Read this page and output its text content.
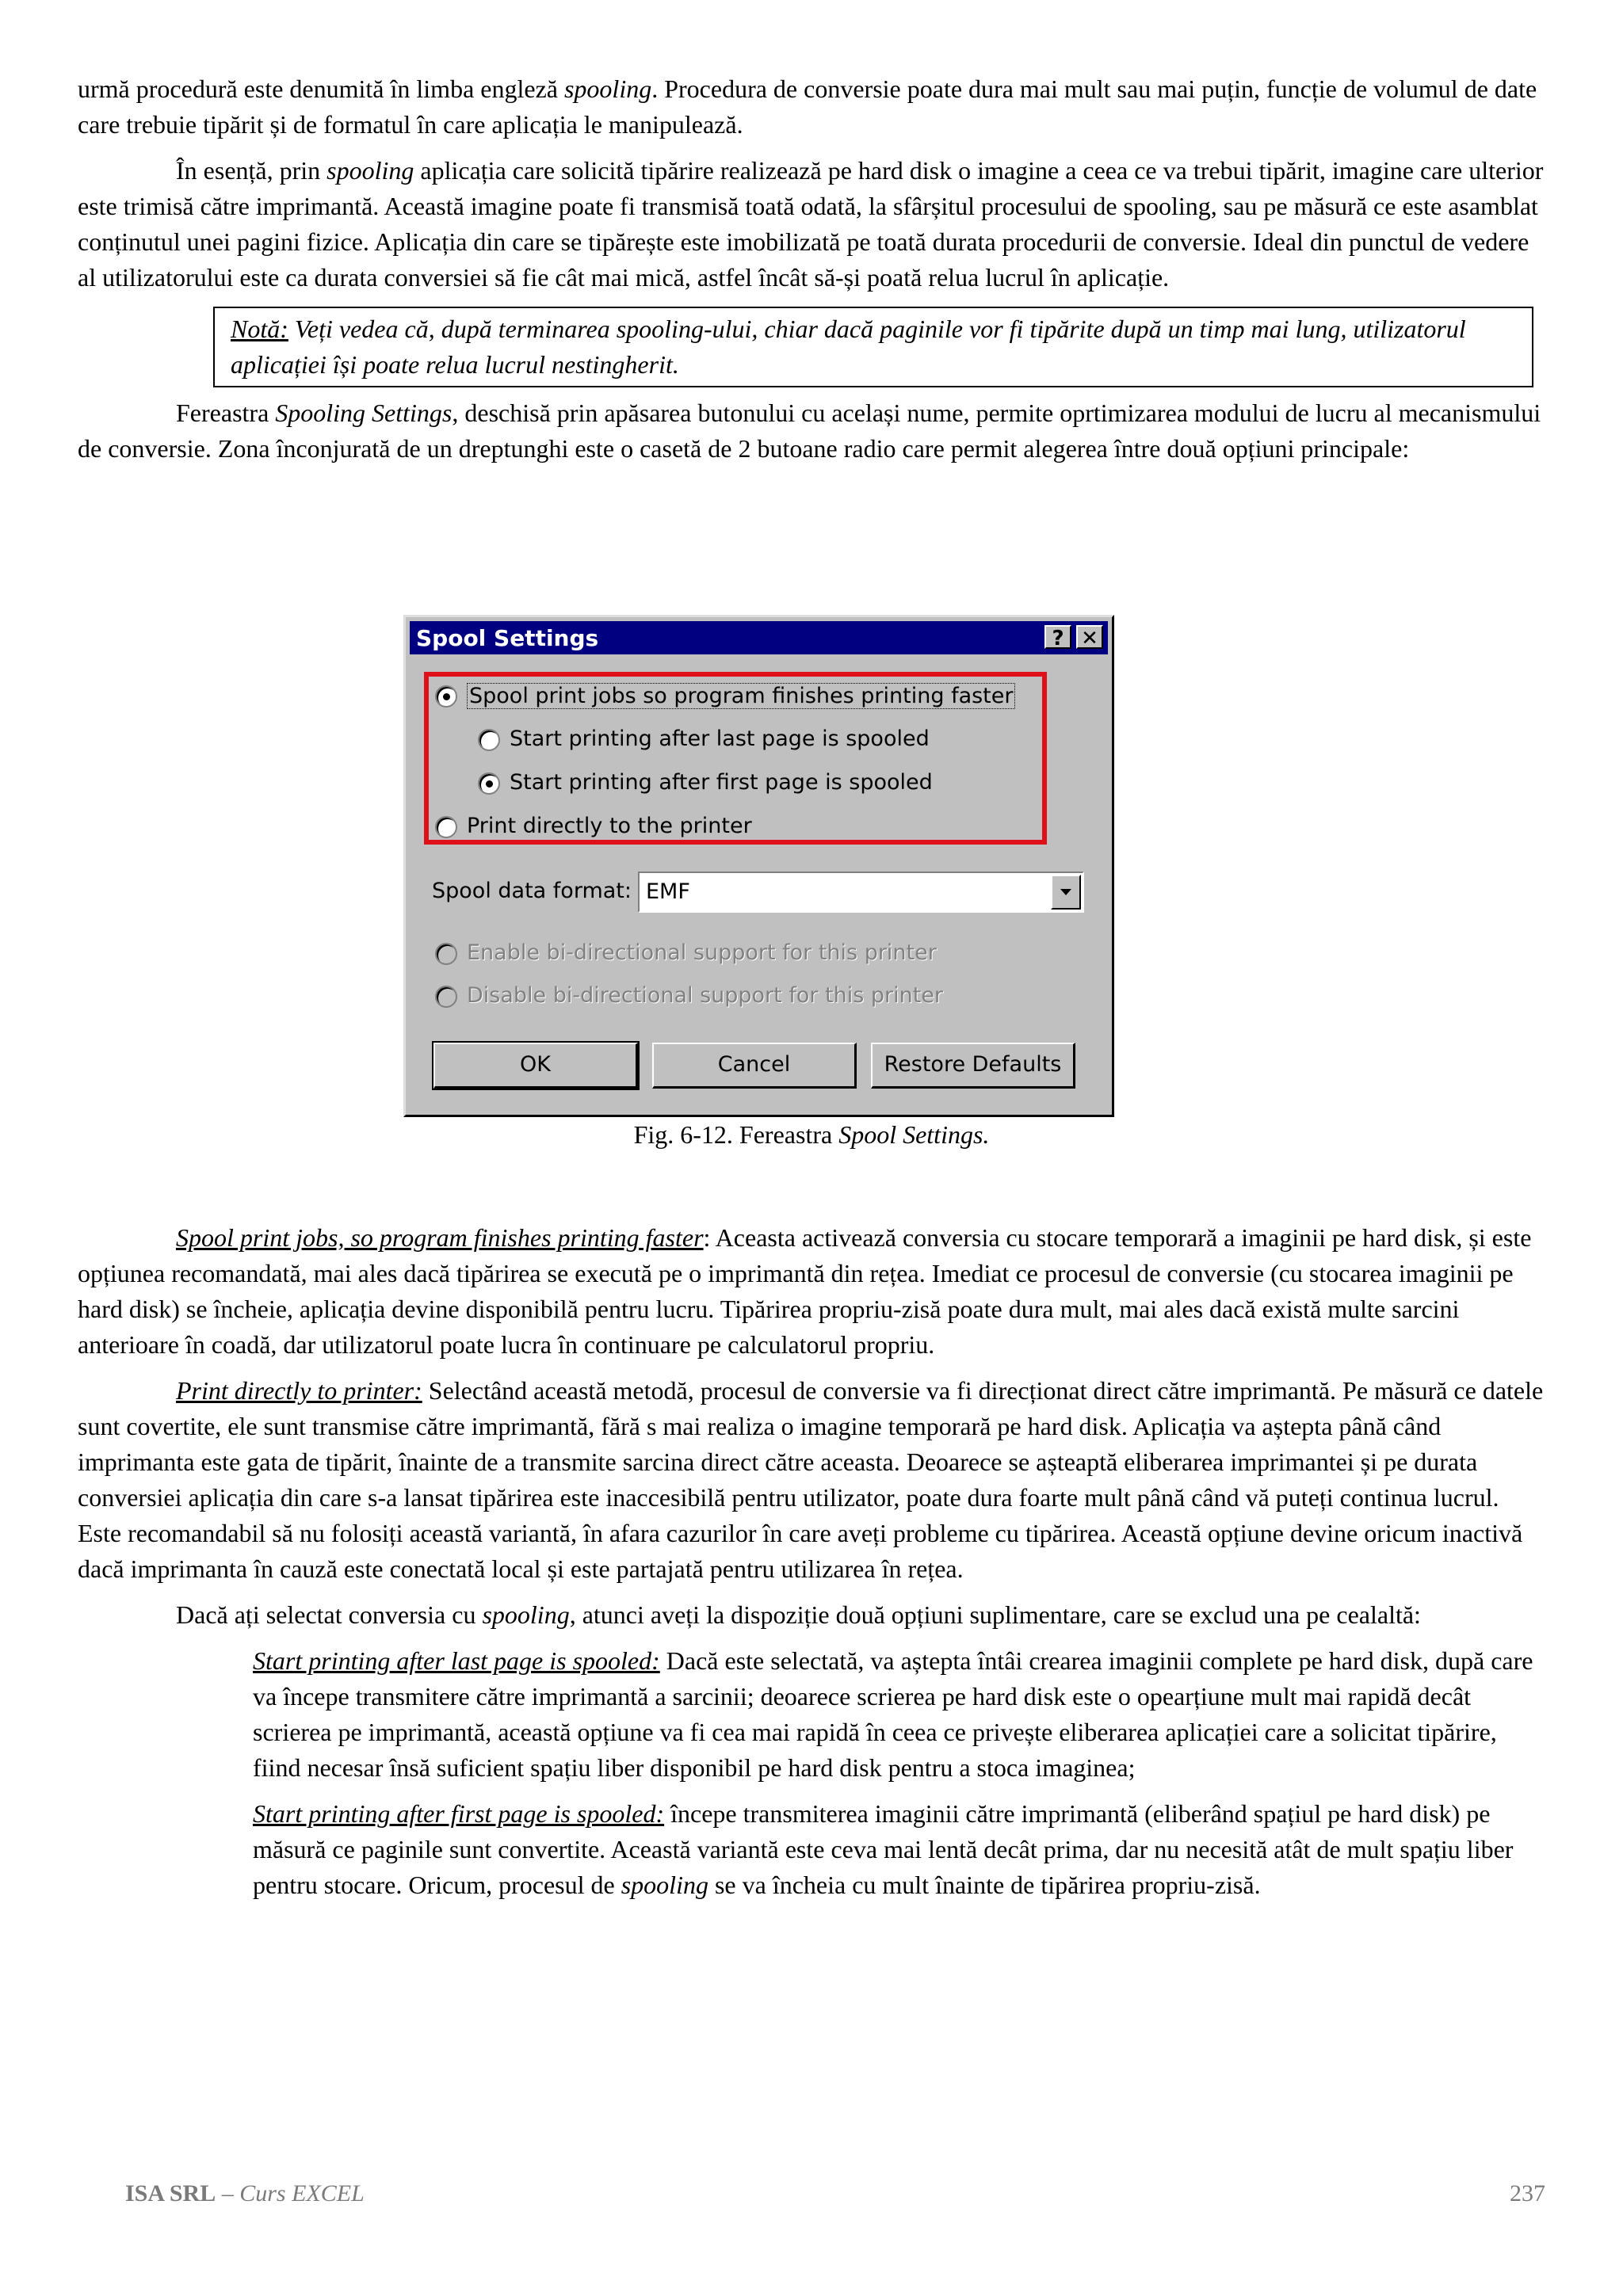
urmă procedură este denumită în limba engleză spooling. Procedura de conversie poate dura mai mult sau mai puțin, funcție de volumul de date care trebuie tipărit și de formatul în care aplicația le manipulează.

În esență, prin spooling aplicația care solicită tipărire realizează pe hard disk o imagine a ceea ce va trebui tipărit, imagine care ulterior este trimisă către imprimantă. Această imagine poate fi transmisă toată odată, la sfârșitul procesului de spooling, sau pe măsură ce este asamblat conținutul unei pagini fizice. Aplicația din care se tipărește este imobilizată pe toată durata procedurii de conversie. Ideal din punctul de vedere al utilizatorului este ca durata conversiei să fie cât mai mică, astfel încât să-și poată relua lucrul în aplicație.

Notă: Veți vedea că, după terminarea spooling-ului, chiar dacă paginile vor fi tipărite după un timp mai lung, utilizatorul aplicației își poate relua lucrul nestingherit.

Fereastra Spooling Settings, deschisă prin apăsarea butonului cu același nume, permite oprtimizarea modului de lucru al mecanismului de conversie. Zona înconjurată de un dreptunghi este o casetă de 2 butoane radio care permit alegerea între două opțiuni principale:

Spool Settings	? ✕
Spool print jobs so program finishes printing faster
Start printing after last page is spooled
Start printing after first page is spooled
Print directly to the printer
Spool data format: EMF
Enable bi-directional support for this printer
Disable bi-directional support for this printer
OK	Cancel	Restore Defaults
Fig. 6-12. Fereastra Spool Settings.

Spool print jobs, so program finishes printing faster: Aceasta activează conversia cu stocare temporară a imaginii pe hard disk, și este opțiunea recomandată, mai ales dacă tipărirea se execută pe o imprimantă din rețea. Imediat ce procesul de conversie (cu stocarea imaginii pe hard disk) se încheie, aplicația devine disponibilă pentru lucru. Tipărirea propriu-zisă poate dura mult, mai ales dacă există multe sarcini anterioare în coadă, dar utilizatorul poate lucra în continuare pe calculatorul propriu.

Print directly to printer: Selectând această metodă, procesul de conversie va fi direcționat direct către imprimantă. Pe măsură ce datele sunt covertite, ele sunt transmise către imprimantă, fără s mai realiza o imagine temporară pe hard disk. Aplicația va aștepta până când imprimanta este gata de tipărit, înainte de a transmite sarcina direct către aceasta. Deoarece se așteaptă eliberarea imprimantei și pe durata conversiei aplicația din care s-a lansat tipărirea este inaccesibilă pentru utilizator, poate dura foarte mult până când vă puteți continua lucrul. Este recomandabil să nu folosiți această variantă, în afara cazurilor în care aveți probleme cu tipărirea. Această opțiune devine oricum inactivă dacă imprimanta în cauză este conectată local și este partajată pentru utilizarea în rețea.

Dacă ați selectat conversia cu spooling, atunci aveți la dispoziție două opțiuni suplimentare, care se exclud una pe cealaltă:

Start printing after last page is spooled: Dacă este selectată, va aștepta întâi crearea imaginii complete pe hard disk, după care va începe transmitere către imprimantă a sarcinii; deoarece scrierea pe hard disk este o opearțiune mult mai rapidă decât scrierea pe imprimantă, această opțiune va fi cea mai rapidă în ceea ce privește eliberarea aplicației care a solicitat tipărire, fiind necesar însă suficient spațiu liber disponibil pe hard disk pentru a stoca imaginea;

Start printing after first page is spooled: începe transmiterea imaginii către imprimantă (eliberând spațiul pe hard disk) pe măsură ce paginile sunt convertite. Această variantă este ceva mai lentă decât prima, dar nu necesită atât de mult spațiu liber pentru stocare. Oricum, procesul de spooling se va încheia cu mult înainte de tipărirea propriu-zisă.

ISA SRL – Curs EXCEL	237
